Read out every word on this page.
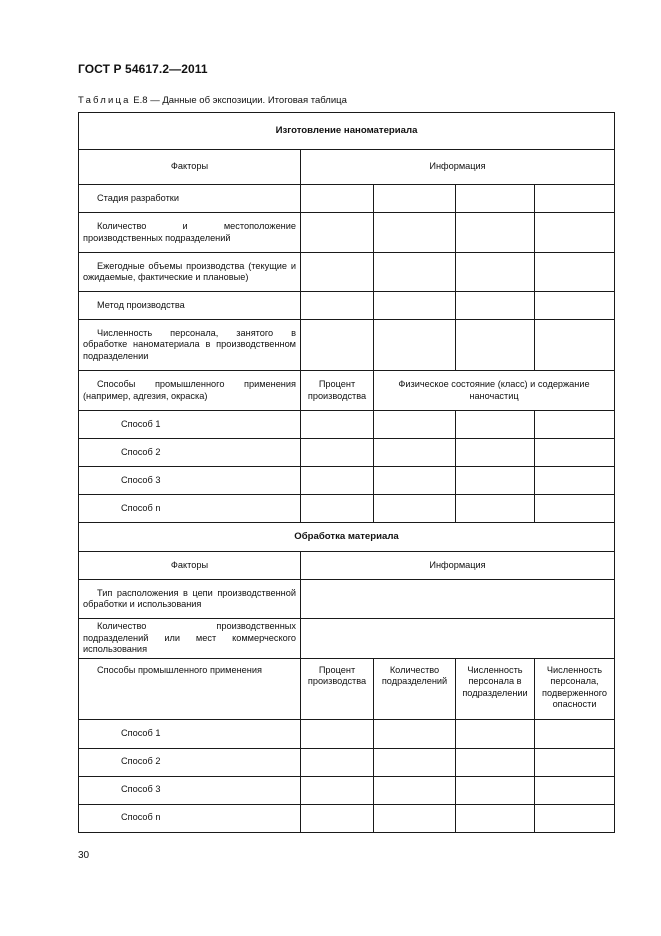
ГОСТ Р 54617.2—2011
Таблица Е.8 — Данные об экспозиции. Итоговая таблица
Изготовление наноматериала				
Факторы	Информация			
Стадия разработки				
Количество и местоположение производственных подразделений				
Ежегодные объемы производства (текущие и ожидаемые, фактические и плановые)				
Метод производства				
Численность персонала, занятого в обработке наноматериала в производственном подразделении				
Способы промышленного применения (например, адгезия, окраска)	Процент производства	Физическое состояние (класс) и содержание наночастиц		
Способ 1				
Способ 2				
Способ 3				
Способ n				
Обработка материала				
Факторы	Информация			
Тип расположения в цепи производственной обработки и использования				
Количество производственных подразделений или мест коммерческого использования				
Способы промышленного применения	Процент производства	Количество подразделений	Численность персонала в подразделении	Численность персонала, подверженного опасности
Способ 1				
Способ 2				
Способ 3				
Способ n				
30
